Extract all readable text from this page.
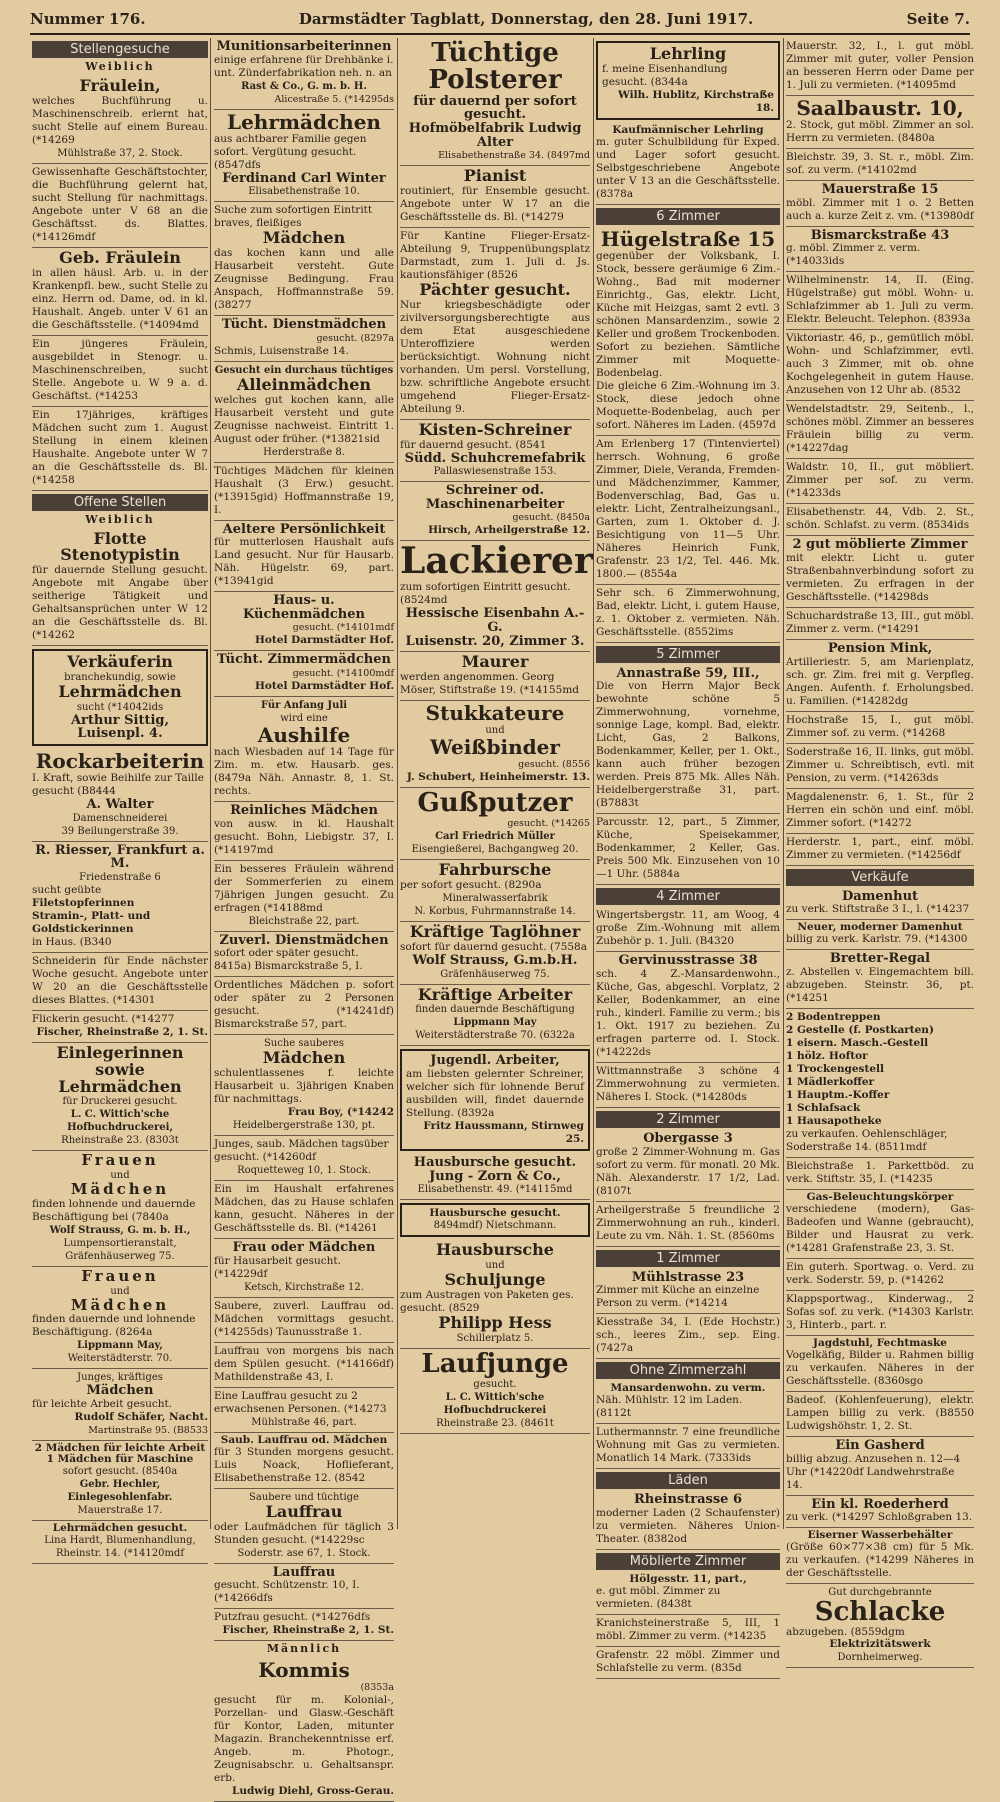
Nummer 176.	Darmstädter Tagblatt, Donnerstag, den 28. Juni 1917.	Seite 7.
Stellengesuche
Weiblich
Fräulein,
welches Buchführung u. Maschinenschreib. erlernt hat, sucht Stelle auf einem Bureau. (*14269
Mühlstraße 37, 2. Stock.
Gewissenhafte Geschäftstochter, die Buchführung gelernt hat, sucht Stellung für nachmittags. Angebote unter V 68 an die Geschäftsst. ds. Blattes. (*14126mdf
Geb. Fräulein
in allen häusl. Arb. u. in der Krankenpfl. bew., sucht Stelle zu einz. Herrn od. Dame, od. in kl. Haushalt. Angeb. unter V 61 an die Geschäftsstelle. (*14094md
Ein jüngeres Fräulein, ausgebildet in Stenogr. u. Maschinenschreiben, sucht Stelle. Angebote u. W 9 a. d. Geschäftst. (*14253
Ein 17jähriges, kräftiges Mädchen sucht zum 1. August Stellung in einem kleinen Haushalte. Angebote unter W 7 an die Geschäftsstelle ds. Bl. (*14258
Offene Stellen
Weiblich
Flotte Stenotypistin
für dauernde Stellung gesucht. Angebote mit Angabe über seitherige Tätigkeit und Gehaltsansprüchen unter W 12 an die Geschäftsstelle ds. Bl. (*14262
Verkäuferin
branchekundig, sowie
Lehrmädchen
sucht (*14042ids
Arthur Sittig, Luisenpl. 4.
Rockarbeiterin
I. Kraft, sowie Beihilfe zur Taille gesucht (B8444
A. Walter
Damenschneiderei
39 Beilungerstraße 39.
R. Riesser, Frankfurt a. M.
Friedenstraße 6
sucht geübte
Filetstopferinnen
Stramin-, Platt- und
Goldstickerinnen
in Haus. (B340
Schneiderin für Ende nächster Woche gesucht. Angebote unter W 20 an die Geschäftsstelle dieses Blattes. (*14301
Flickerin gesucht. (*14277
Fischer, Rheinstraße 2, 1. St.
Einlegerinnen
sowie Lehrmädchen
für Druckerei gesucht.
L. C. Wittich'sche Hofbuchdruckerei,
Rheinstraße 23. (8303t
Frauen
und
Mädchen
finden lohnende und dauernde Beschäftigung bei (7840a
Wolf Strauss, G. m. b. H.,
Lumpensortieranstalt, Gräfenhäuserweg 75.
Frauen
und
Mädchen
finden dauernde und lohnende Beschäftigung. (8264a
Lippmann May,
Weiterstädterstr. 70.
Junges, kräftiges
Mädchen
für leichte Arbeit gesucht.
Rudolf Schäfer, Nacht.
Martinstraße 95. (B8533
2 Mädchen für leichte Arbeit
1 Mädchen für Maschine
sofort gesucht. (8540a
Gebr. Hechler, Einlegesohlenfabr.
Mauerstraße 17.
Lehrmädchen gesucht.
Lina Hardt, Blumenhandlung, Rheinstr. 14. (*14120mdf
Munitionsarbeiterinnen
einige erfahrene für Drehbänke i. unt. Zünderfabrikation neh. n. an
Rast & Co., G. m. b. H.
Alicestraße 5. (*14295ds
Lehrmädchen
aus achtbarer Familie gegen sofort. Vergütung gesucht. (8547dfs
Ferdinand Carl Winter
Elisabethenstraße 10.
Suche zum sofortigen Eintritt braves, fleißiges
Mädchen
das kochen kann und alle Hausarbeit versteht. Gute Zeugnisse Bedingung. Frau Anspach, Hoffmannstraße 59. (38277
Tücht. Dienstmädchen
gesucht. (8297a
Schmis, Luisenstraße 14.
Gesucht ein durchaus tüchtiges
Alleinmädchen
welches gut kochen kann, alle Hausarbeit versteht und gute Zeugnisse nachweist. Eintritt 1. August oder früher. (*13821sid
Herderstraße 8.
Tüchtiges Mädchen für kleinen Haushalt (3 Erw.) gesucht. (*13915gid) Hoffmannstraße 19, I.
Aeltere Persönlichkeit
für mutterlosen Haushalt aufs Land gesucht. Nur für Hausarb. Näh. Hügelstr. 69, part. (*13941gid
Haus- u. Küchenmädchen
gesucht. (*14101mdf
Hotel Darmstädter Hof.
Tücht. Zimmermädchen
gesucht. (*14100mdf
Hotel Darmstädter Hof.
Für Anfang Juli
wird eine
Aushilfe
nach Wiesbaden auf 14 Tage für Zim. m. etw. Hausarb. ges. (8479a Näh. Annastr. 8, 1. St. rechts.
Reinliches Mädchen
von ausw. in kl. Haushalt gesucht. Bohn, Liebigstr. 37, I. (*14197md
Ein besseres Fräulein während der Sommerferien zu einem 7jährigen Jungen gesucht. Zu erfragen (*14188md
Bleichstraße 22, part.
Zuverl. Dienstmädchen
sofort oder später gesucht. 8415a) Bismarckstraße 5, I.
Ordentliches Mädchen p. sofort oder später zu 2 Personen gesucht. (*14241df) Bismarckstraße 57, part.
Suche sauberes
Mädchen
schulentlassenes f. leichte Hausarbeit u. 3jährigen Knaben für nachmittags.
Frau Boy, (*14242
Heidelbergerstraße 130, pt.
Junges, saub. Mädchen tagsüber gesucht. (*14260df
Roquetteweg 10, 1. Stock.
Ein im Haushalt erfahrenes Mädchen, das zu Hause schlafen kann, gesucht. Näheres in der Geschäftsstelle ds. Bl. (*14261
Frau oder Mädchen
für Hausarbeit gesucht. (*14229df
Ketsch, Kirchstraße 12.
Saubere, zuverl. Lauffrau od. Mädchen vormittags gesucht. (*14255ds) Taunusstraße 1.
Lauffrau von morgens bis nach dem Spülen gesucht. (*14166df) Mathildenstraße 43, I.
Eine Lauffrau gesucht zu 2 erwachsenen Personen. (*14273
Mühlstraße 46, part.
Saub. Lauffrau od. Mädchen
für 3 Stunden morgens gesucht. Luis Noack, Hoflieferant, Elisabethenstraße 12. (8542
Saubere und tüchtige
Lauffrau
oder Laufmädchen für täglich 3 Stunden gesucht. (*14229sc
Soderstr. ase 67, 1. Stock.
Lauffrau
gesucht. Schützenstr. 10, I. (*14266dfs
Putzfrau gesucht. (*14276dfs
Fischer, Rheinstraße 2, 1. St.
Männlich
Kommis
(8353a
gesucht für m. Kolonial-, Porzellan- und Glasw.-Geschäft für Kontor, Laden, mitunter Magazin. Branchekenntnisse erf. Angeb. m. Photogr., Zeugnisabschr. u. Gehaltsanspr. erb.
Ludwig Diehl, Gross-Gerau.
Tüchtige Polsterer
für dauernd per sofort gesucht.
Hofmöbelfabrik Ludwig Alter
Elisabethenstraße 34. (8497md
Pianist
routiniert, für Ensemble gesucht. Angebote unter W 17 an die Geschäftsstelle ds. Bl. (*14279
Für Kantine Flieger-Ersatz-Abteilung 9, Truppenübungsplatz Darmstadt, zum 1. Juli d. Js. kautionsfähiger (8526
Pächter gesucht.
Nur kriegsbeschädigte oder zivilversorgungsberechtigte aus dem Etat ausgeschiedene Unteroffiziere werden berücksichtigt. Wohnung nicht vorhanden. Um persl. Vorstellung, bzw. schriftliche Angebote ersucht umgehend Flieger-Ersatz-Abteilung 9.
Kisten-Schreiner
für dauernd gesucht. (8541
Südd. Schuhcremefabrik
Pallaswiesenstraße 153.
Schreiner od. Maschinenarbeiter
gesucht. (8450a
Hirsch, Arheilgerstraße 12.
Lackierer
zum sofortigen Eintritt gesucht. (8524md
Hessische Eisenbahn A.-G.
Luisenstr. 20, Zimmer 3.
Maurer
werden angenommen. Georg Möser, Stiftstraße 19. (*14155md
Stukkateure
und
Weißbinder
gesucht. (8556
J. Schubert, Heinheimerstr. 13.
Gußputzer
gesucht. (*14265
Carl Friedrich Müller
Eisengießerei, Bachgangweg 20.
Fahrbursche
per sofort gesucht. (8290a
Mineralwasserfabrik
N. Korbus, Fuhrmannstraße 14.
Kräftige Taglöhner
sofort für dauernd gesucht. (7558a
Wolf Strauss, G.m.b.H.
Gräfenhäuserweg 75.
Kräftige Arbeiter
finden dauernde Beschäftigung
Lippmann May
Weiterstädterstraße 70. (6322a
Jugendl. Arbeiter,
am liebsten gelernter Schreiner, welcher sich für lohnende Beruf ausbilden will, findet dauernde Stellung. (8392a
Fritz Haussmann, Stirnweg 25.
Hausbursche gesucht.
Jung - Zorn & Co.,
Elisabethenstr. 49. (*14115md
Hausbursche gesucht.
8494mdf) Nietschmann.
Hausbursche
und
Schuljunge
zum Austragen von Paketen ges. gesucht. (8529
Philipp Hess
Schillerplatz 5.
Laufjunge
gesucht.
L. C. Wittich'sche Hofbuchdruckerei
Rheinstraße 23. (8461t
Lehrling
f. meine Eisenhandlung gesucht. (8344a
Wilh. Hublitz, Kirchstraße 18.
Kaufmännischer Lehrling
m. guter Schulbildung für Exped. und Lager sofort gesucht. Selbstgeschriebene Angebote unter V 13 an die Geschäftsstelle. (8378a
6 Zimmer
Hügelstraße 15
gegenüber der Volksbank, I. Stock, bessere geräumige 6 Zim.-Wohng., Bad mit moderner Einrichtg., Gas, elektr. Licht, Küche mit Heizgas, samt 2 evtl. 3 schönen Mansardenzim., sowie 2 Keller und großem Trockenboden. Sofort zu beziehen. Sämtliche Zimmer mit Moquette-Bodenbelag.
Die gleiche 6 Zim.-Wohnung im 3. Stock, diese jedoch ohne Moquette-Bodenbelag, auch per sofort. Näheres im Laden. (4597d
Am Erlenberg 17 (Tintenviertel) herrsch. Wohnung, 6 große Zimmer, Diele, Veranda, Fremden- und Mädchenzimmer, Kammer, Bodenverschlag, Bad, Gas u. elektr. Licht, Zentralheizungsanl., Garten, zum 1. Oktober d. J. Besichtigung von 11—5 Uhr. Näheres Heinrich Funk, Grafenstr. 23 1/2, Tel. 446. Mk. 1800.— (8554a
Sehr sch. 6 Zimmerwohnung, Bad, elektr. Licht, i. gutem Hause, z. 1. Oktober z. vermieten. Näh. Geschäftsstelle. (8552ims
5 Zimmer
Annastraße 59, III.,
Die von Herrn Major Beck bewohnte schöne 5 Zimmerwohnung, vornehme, sonnige Lage, kompl. Bad, elektr. Licht, Gas, 2 Balkons, Bodenkammer, Keller, per 1. Okt., kann auch früher bezogen werden. Preis 875 Mk. Alles Näh. Heidelbergerstraße 31, part. (B7883t
Parcusstr. 12, part., 5 Zimmer, Küche, Speisekammer, Bodenkammer, 2 Keller, Gas. Preis 500 Mk. Einzusehen von 10—1 Uhr. (5884a
4 Zimmer
Wingertsbergstr. 11, am Woog, 4 große Zim.-Wohnung mit allem Zubehör p. 1. Juli. (B4320
Gervinusstrasse 38
sch. 4 Z.-Mansardenwohn., Küche, Gas, abgeschl. Vorplatz, 2 Keller, Bodenkammer, an eine ruh., kinderl. Familie zu verm.; bis 1. Okt. 1917 zu beziehen. Zu erfragen parterre od. I. Stock. (*14222ds
Wittmannstraße 3 schöne 4 Zimmerwohnung zu vermieten. Näheres I. Stock. (*14280ds
2 Zimmer
Obergasse 3
große 2 Zimmer-Wohnung m. Gas sofort zu verm. für monatl. 20 Mk. Näh. Alexanderstr. 17 1/2, Lad. (8107t
Arheilgerstraße 5 freundliche 2 Zimmerwohnung an ruh., kinderl. Leute zu vm. Näh. 1. St. (8560ms
1 Zimmer
Mühlstrasse 23
Zimmer mit Küche an einzelne Person zu verm. (*14214
Kiesstraße 34, I. (Ede Hochstr.) sch., leeres Zim., sep. Eing. (7427a
Ohne Zimmerzahl
Mansardenwohn. zu verm.
Näh. Mühlstr. 12 im Laden. (8112t
Luthermannstr. 7 eine freundliche Wohnung mit Gas zu vermieten. Monatlich 14 Mark. (7333ids
Läden
Rheinstrasse 6
moderner Laden (2 Schaufenster) zu vermieten. Näheres Union-Theater. (8382od
Möblierte Zimmer
Hölgesstr. 11, part.,
e. gut möbl. Zimmer zu vermieten. (8438t
Kranichsteinerstraße 5, III, 1 möbl. Zimmer zu verm. (*14235
Grafenstr. 22 möbl. Zimmer und Schlafstelle zu verm. (835d
Mauerstr. 32, I., l. gut möbl. Zimmer mit guter, voller Pension an besseren Herrn oder Dame per 1. Juli zu vermieten. (*14095md
Saalbaustr. 10,
2. Stock, gut möbl. Zimmer an sol. Herrn zu vermieten. (8480a
Bleichstr. 39, 3. St. r., möbl. Zim. sof. zu verm. (*14102md
Mauerstraße 15
möbl. Zimmer mit 1 o. 2 Betten auch a. kurze Zeit z. vm. (*13980df
Bismarckstraße 43
g. möbl. Zimmer z. verm. (*14033ids
Wilhelminenstr. 14, II. (Eing. Hügelstraße) gut möbl. Wohn- u. Schlafzimmer ab 1. Juli zu verm. Elektr. Beleucht. Telephon. (8393a
Viktoriastr. 46, p., gemütlich möbl. Wohn- und Schlafzimmer, evtl. auch 3 Zimmer, mit ob. ohne Kochgelegenheit in gutem Hause. Anzusehen von 12 Uhr ab. (8532
Wendelstadtstr. 29, Seitenb., l., schönes möbl. Zimmer an besseres Fräulein billig zu verm. (*14227dag
Waldstr. 10, II., gut möbliert. Zimmer per sof. zu verm. (*14233ds
Elisabethenstr. 44, Vdb. 2. St., schön. Schlafst. zu verm. (8534ids
2 gut möblierte Zimmer
mit elektr. Licht u. guter Straßenbahnverbindung sofort zu vermieten. Zu erfragen in der Geschäftsstelle. (*14298ds
Schuchardstraße 13, III., gut möbl. Zimmer z. verm. (*14291
Pension Mink,
Artilleriestr. 5, am Marienplatz, sch. gr. Zim. frei mit g. Verpfleg. Angen. Aufenth. f. Erholungsbed. u. Familien. (*14282dg
Hochstraße 15, I., gut möbl. Zimmer sof. zu verm. (*14268
Soderstraße 16, II. links, gut möbl. Zimmer u. Schreibtisch, evtl. mit Pension, zu verm. (*14263ds
Magdalenenstr. 6, 1. St., für 2 Herren ein schön und einf. möbl. Zimmer sofort. (*14272
Herderstr. 1, part., einf. möbl. Zimmer zu vermieten. (*14256df
Verkäufe
Damenhut
zu verk. Stiftstraße 3 I., l. (*14237
Neuer, moderner Damenhut
billig zu verk. Karlstr. 79. (*14300
Bretter-Regal
z. Abstellen v. Eingemachtem bill. abzugeben. Steinstr. 36, pt. (*14251
2 Bodentreppen
2 Gestelle (f. Postkarten)
1 eisern. Masch.-Gestell
1 hölz. Hoftor
1 Trockengestell
1 Mädlerkoffer
1 Hauptm.-Koffer
1 Schlafsack
1 Hausapotheke
zu verkaufen. Oehlenschläger, Soderstraße 14. (8511mdf
Bleichstraße 1. Parkettböd. zu verk. Stiftstr. 35, I. (*14235
Gas-Beleuchtungskörper
verschiedene (modern), Gas-Badeofen und Wanne (gebraucht), Bilder und Hausrat zu verk. (*14281 Grafenstraße 23, 3. St.
Ein guterh. Sportwag. o. Verd. zu verk. Soderstr. 59, p. (*14262
Klappsportwag., Kinderwag., 2 Sofas sof. zu verk. (*14303 Karlstr. 3, Hinterb., part. r.
Jagdstuhl, Fechtmaske
Vogelkäfig, Bilder u. Rahmen billig zu verkaufen. Näheres in der Geschäftsstelle. (8360sgo
Badeof. (Kohlenfeuerung), elektr. Lampen billig zu verk. (B8550 Ludwigshöhstr. 1, 2. St.
Ein Gasherd
billig abzug. Anzusehen n. 12—4 Uhr (*14220df Landwehrstraße 14.
Ein kl. Roederherd
zu verk. (*14297 Schloßgraben 13.
Eiserner Wasserbehälter
(Größe 60×77×38 cm) für 5 Mk. zu verkaufen. (*14299 Näheres in der Geschäftsstelle.
Gut durchgebrannte
Schlacke
abzugeben. (8559dgm
Elektrizitätswerk
Dornheimerweg.
